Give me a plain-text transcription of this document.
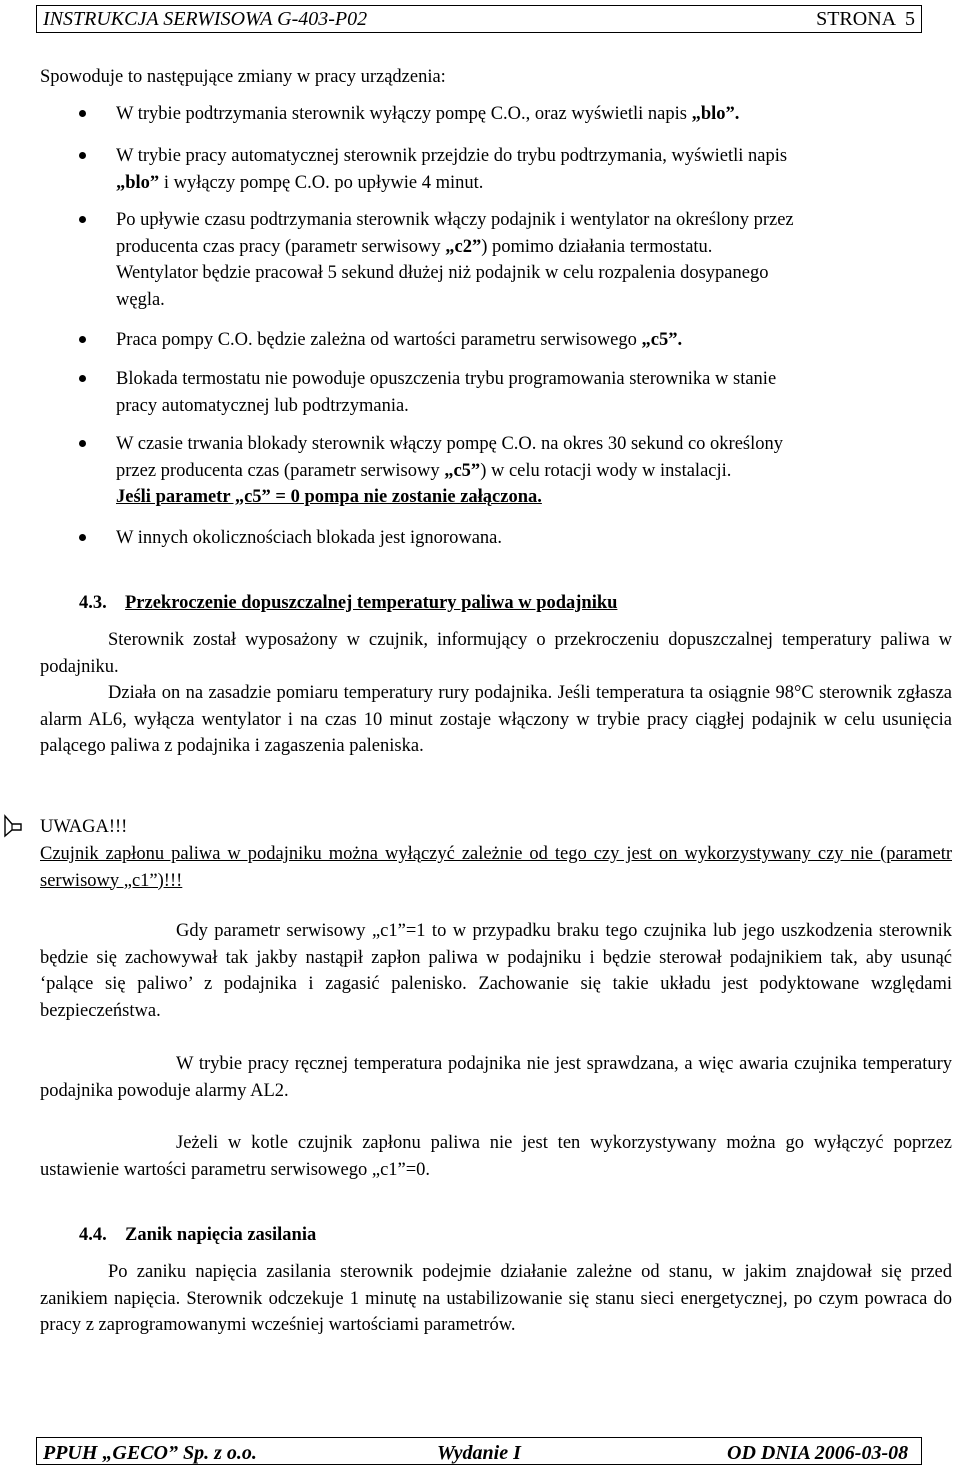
INSTRUKCJA SERWISOWA G-403-P02	STRONA  5

Spowoduje to następujące zmiany w pracy urządzenia:

W trybie podtrzymania sterownik wyłączy pompę C.O., oraz wyświetli napis „blo”.
W trybie pracy automatycznej sterownik przejdzie do trybu podtrzymania, wyświetli napis
„blo” i wyłączy pompę C.O. po upływie 4 minut.
Po upływie czasu podtrzymania sterownik włączy podajnik i wentylator na określony przez
producenta czas pracy (parametr serwisowy „c2”) pomimo działania termostatu.
Wentylator będzie pracował 5 sekund dłużej niż podajnik w celu rozpalenia dosypanego
węgla.
Praca pompy C.O. będzie zależna od wartości parametru serwisowego „c5”.
Blokada termostatu nie powoduje opuszczenia trybu programowania sterownika w stanie
pracy automatycznej lub podtrzymania.
W czasie trwania blokady sterownik włączy pompę C.O. na okres 30 sekund co określony
przez producenta czas (parametr serwisowy „c5”) w celu rotacji wody w instalacji.
Jeśli parametr „c5” = 0 pompa nie zostanie załączona.
W innych okolicznościach blokada jest ignorowana.
4.3. Przekroczenie dopuszczalnej temperatury paliwa w podajniku

Sterownik został wyposażony w czujnik, informujący o przekroczeniu dopuszczalnej temperatury paliwa w podajniku.

Działa on na zasadzie pomiaru temperatury rury podajnika. Jeśli temperatura ta osiągnie 98°C sterownik zgłasza alarm AL6, wyłącza wentylator i na czas 10 minut zostaje włączony w trybie pracy ciągłej podajnik w celu usunięcia palącego paliwa z podajnika i zagaszenia paleniska.

UWAGA!!!

Czujnik zapłonu paliwa w podajniku można wyłączyć zależnie od tego czy jest on wykorzystywany czy nie (parametr serwisowy „c1”)!!!

Gdy parametr serwisowy „c1”=1 to w przypadku braku tego czujnika lub jego uszkodzenia sterownik będzie się zachowywał tak jakby nastąpił zapłon paliwa w podajniku i będzie sterował podajnikiem tak, aby usunąć ‘palące się paliwo’ z podajnika i zagasić palenisko. Zachowanie się takie układu jest podyktowane względami bezpieczeństwa.

W trybie pracy ręcznej temperatura podajnika nie jest sprawdzana, a więc awaria czujnika temperatury podajnika powoduje alarmy AL2.

Jeżeli w kotle czujnik zapłonu paliwa nie jest ten wykorzystywany można go wyłączyć poprzez ustawienie wartości parametru serwisowego „c1”=0.

4.4. Zanik napięcia zasilania

Po zaniku napięcia zasilania sterownik podejmie działanie zależne od stanu, w jakim znajdował się przed zanikiem napięcia. Sterownik odczekuje 1 minutę na ustabilizowanie się stanu sieci energetycznej, po czym powraca do pracy z zaprogramowanymi wcześniej wartościami parametrów.

PPUH „GECO” Sp. z o.o.	Wydanie I	OD DNIA 2006-03-08
